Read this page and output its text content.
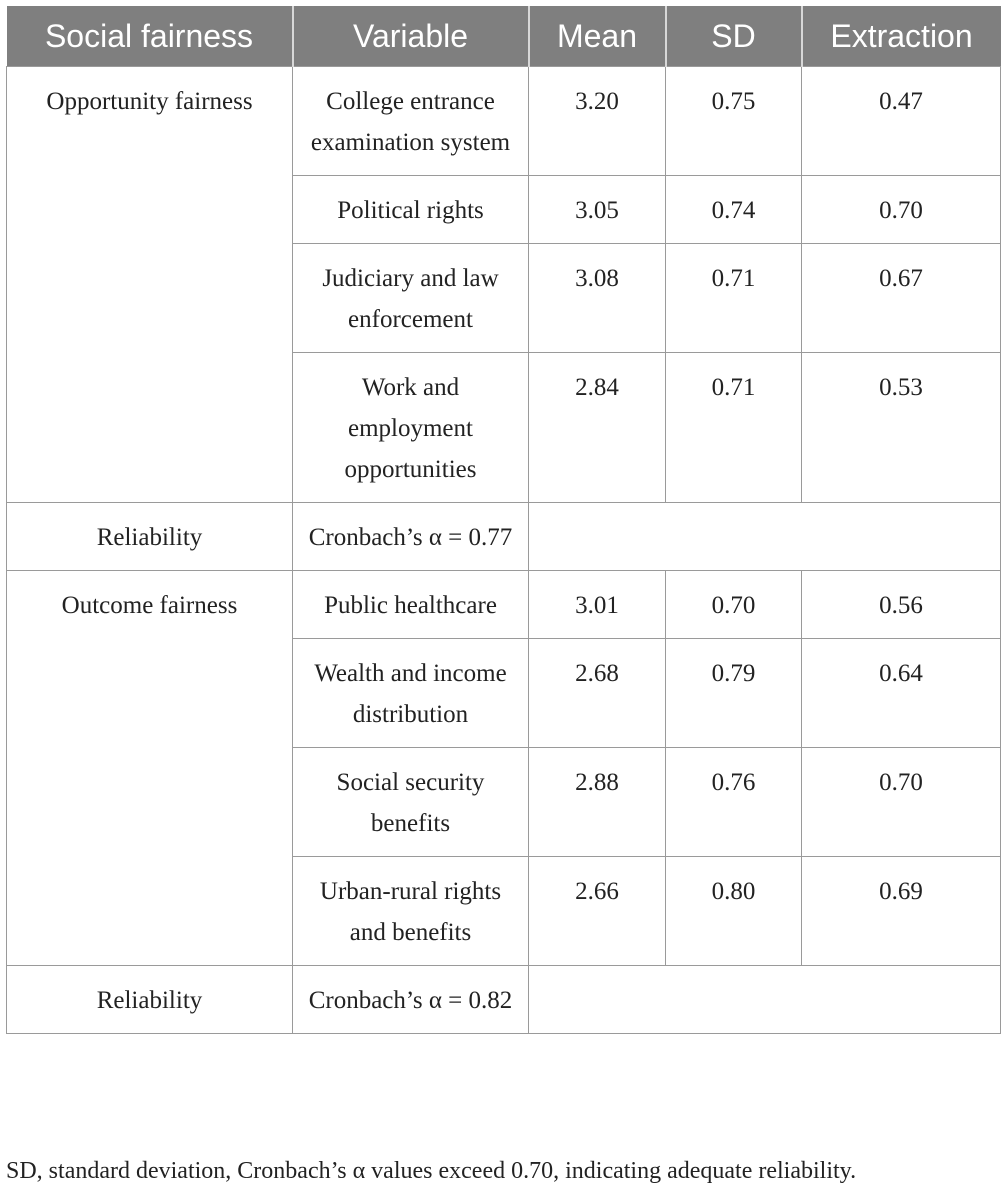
Social fairness	Variable	Mean	SD	Extraction
Opportunity fairness	College entrance examination system	3.20	0.75	0.47
	Political rights	3.05	0.74	0.70
	Judiciary and law enforcement	3.08	0.71	0.67
	Work and employment opportunities	2.84	0.71	0.53
Reliability	Cronbach’s α = 0.77			
Outcome fairness	Public healthcare	3.01	0.70	0.56
	Wealth and income distribution	2.68	0.79	0.64
	Social security benefits	2.88	0.76	0.70
	Urban-rural rights and benefits	2.66	0.80	0.69
Reliability	Cronbach’s α = 0.82			
SD, standard deviation, Cronbach’s α values exceed 0.70, indicating adequate reliability.
